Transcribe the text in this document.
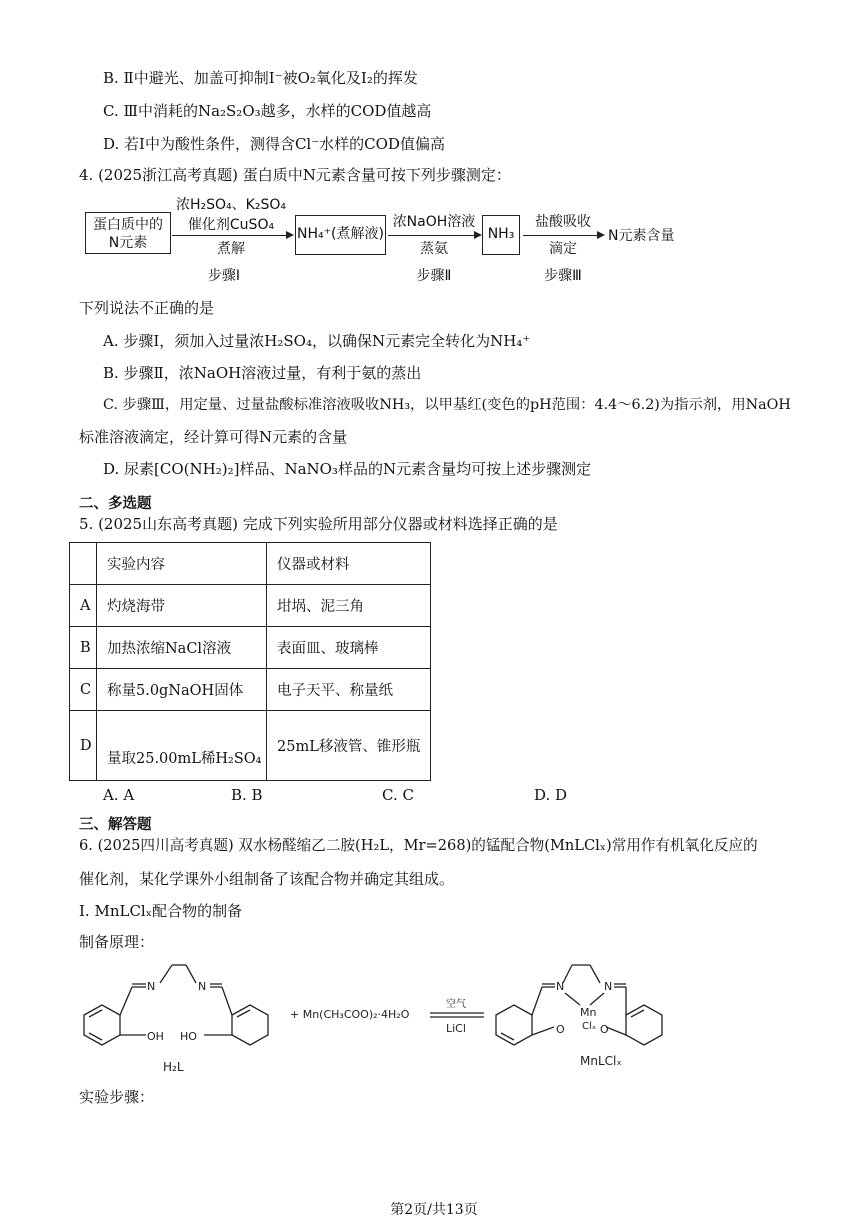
B. Ⅱ中避光、加盖可抑制I⁻被O₂氧化及I₂的挥发
C. Ⅲ中消耗的Na₂S₂O₃越多，水样的COD值越高
D. 若Ⅰ中为酸性条件，测得含Cl⁻水样的COD值偏高
4. (2025浙江高考真题) 蛋白质中N元素含量可按下列步骤测定：
蛋白质中的
N元素
浓H₂SO₄、K₂SO₄
催化剂CuSO₄
煮解
NH₄⁺(煮解液)
浓NaOH溶液
蒸氨
NH₃
盐酸吸收
滴定
N元素含量
步骤Ⅰ	步骤Ⅱ	步骤Ⅲ
下列说法不正确的是
A. 步骤Ⅰ，须加入过量浓H₂SO₄，以确保N元素完全转化为NH₄⁺
B. 步骤Ⅱ，浓NaOH溶液过量，有利于氨的蒸出
C. 步骤Ⅲ，用定量、过量盐酸标准溶液吸收NH₃，以甲基红(变色的pH范围：4.4～6.2)为指示剂，用NaOH
标准溶液滴定，经计算可得N元素的含量
D. 尿素[CO(NH₂)₂]样品、NaNO₃样品的N元素含量均可按上述步骤测定
二、多选题
5. (2025山东高考真题) 完成下列实验所用部分仪器或材料选择正确的是
	实验内容	仪器或材料
A	灼烧海带	坩埚、泥三角
B	加热浓缩NaCl溶液	表面皿、玻璃棒
C	称量5.0gNaOH固体	电子天平、称量纸
D	量取25.00mL稀H₂SO₄	25mL移液管、锥形瓶
A. A	B. B	C. C	D. D
三、解答题
6. (2025四川高考真题) 双水杨醛缩乙二胺(H₂L，Mr=268)的锰配合物(MnLClₓ)常用作有机氧化反应的
催化剂，某化学课外小组制备了该配合物并确定其组成。
Ⅰ. MnLClₓ配合物的制备
制备原理：
N	N
OH HO
H₂L
+ Mn(CH₃COO)₂·4H₂O
空气
LiCl
N	N
Mn
Clₓ
O	O
MnLClₓ
实验步骤：
第2页/共13页
